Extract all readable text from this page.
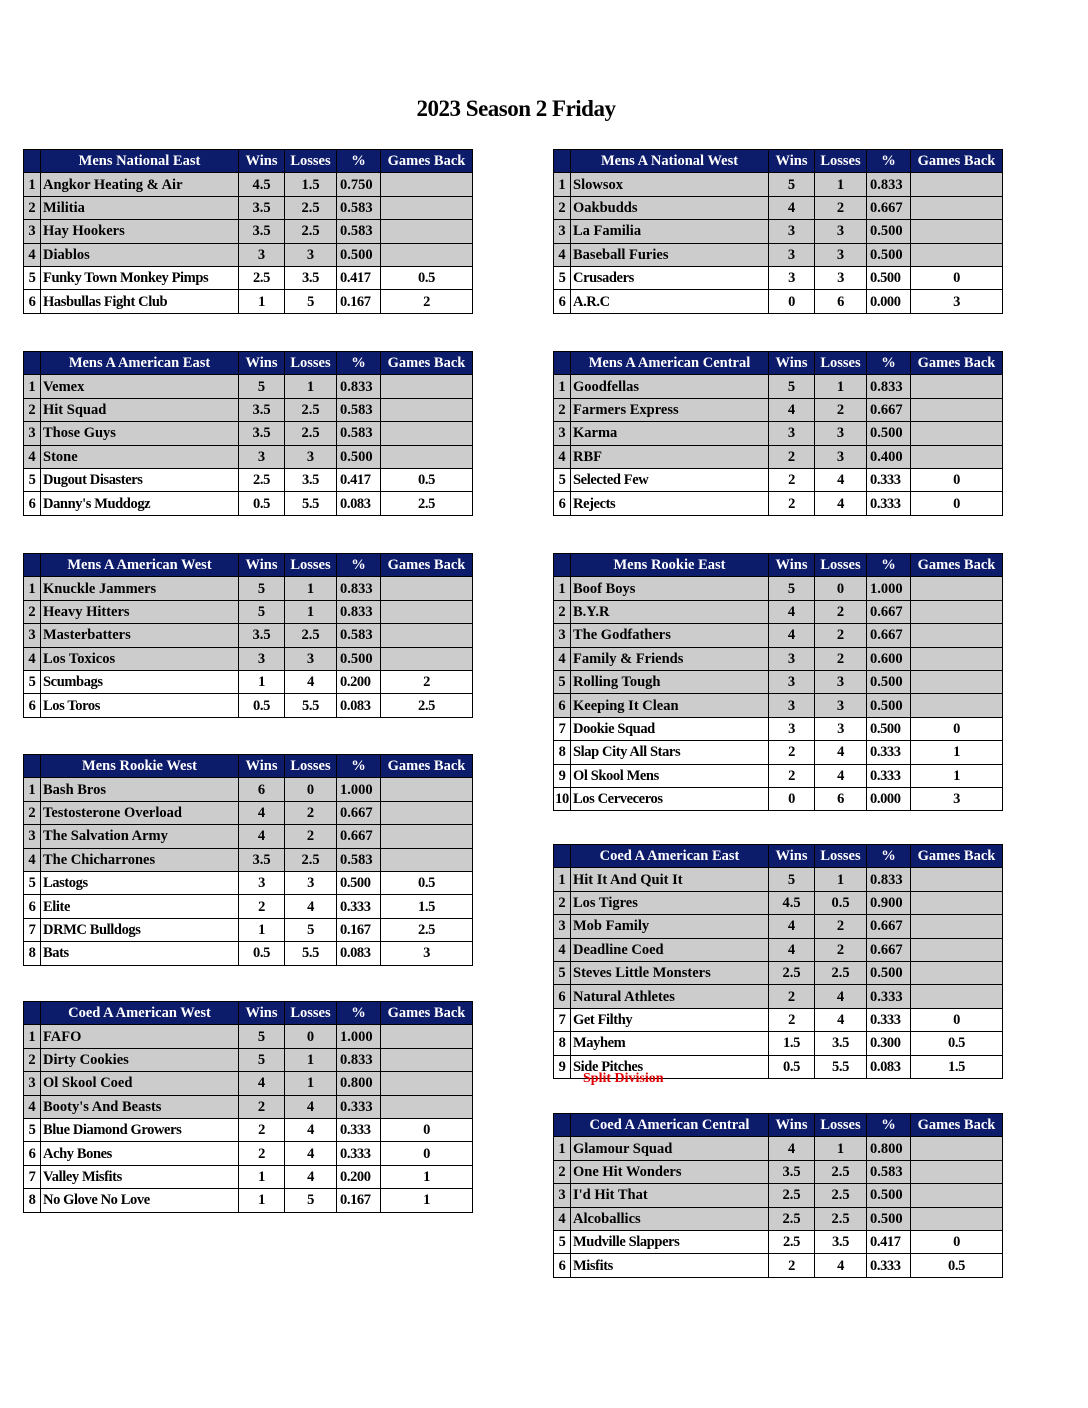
2023 Season 2 Friday
	Mens National East	Wins	Losses	%	Games Back
1	Angkor Heating & Air	4.5	1.5	0.750	
2	Militia	3.5	2.5	0.583	
3	Hay Hookers	3.5	2.5	0.583	
4	Diablos	3	3	0.500	
5	Funky Town Monkey Pimps	2.5	3.5	0.417	0.5
6	Hasbullas Fight Club	1	5	0.167	2
	Mens A National West	Wins	Losses	%	Games Back
1	Slowsox	5	1	0.833	
2	Oakbudds	4	2	0.667	
3	La Familia	3	3	0.500	
4	Baseball Furies	3	3	0.500	
5	Crusaders	3	3	0.500	0
6	A.R.C	0	6	0.000	3
	Mens A American East	Wins	Losses	%	Games Back
1	Vemex	5	1	0.833	
2	Hit Squad	3.5	2.5	0.583	
3	Those Guys	3.5	2.5	0.583	
4	Stone	3	3	0.500	
5	Dugout Disasters	2.5	3.5	0.417	0.5
6	Danny's Muddogz	0.5	5.5	0.083	2.5
	Mens A American Central	Wins	Losses	%	Games Back
1	Goodfellas	5	1	0.833	
2	Farmers Express	4	2	0.667	
3	Karma	3	3	0.500	
4	RBF	2	3	0.400	
5	Selected Few	2	4	0.333	0
6	Rejects	2	4	0.333	0
	Mens A American West	Wins	Losses	%	Games Back
1	Knuckle Jammers	5	1	0.833	
2	Heavy Hitters	5	1	0.833	
3	Masterbatters	3.5	2.5	0.583	
4	Los Toxicos	3	3	0.500	
5	Scumbags	1	4	0.200	2
6	Los Toros	0.5	5.5	0.083	2.5
	Mens Rookie East	Wins	Losses	%	Games Back
1	Boof Boys	5	0	1.000	
2	B.Y.R	4	2	0.667	
3	The Godfathers	4	2	0.667	
4	Family & Friends	3	2	0.600	
5	Rolling Tough	3	3	0.500	
6	Keeping It Clean	3	3	0.500	
7	Dookie Squad	3	3	0.500	0
8	Slap City All Stars	2	4	0.333	1
9	Ol Skool Mens	2	4	0.333	1
10	Los Cerveceros	0	6	0.000	3
	Mens Rookie West	Wins	Losses	%	Games Back
1	Bash Bros	6	0	1.000	
2	Testosterone Overload	4	2	0.667	
3	The Salvation Army	4	2	0.667	
4	The Chicharrones	3.5	2.5	0.583	
5	Lastogs	3	3	0.500	0.5
6	Elite	2	4	0.333	1.5
7	DRMC Bulldogs	1	5	0.167	2.5
8	Bats	0.5	5.5	0.083	3
	Coed A American East	Wins	Losses	%	Games Back
1	Hit It And Quit It	5	1	0.833	
2	Los Tigres	4.5	0.5	0.900	
3	Mob Family	4	2	0.667	
4	Deadline Coed	4	2	0.667	
5	Steves Little Monsters	2.5	2.5	0.500	
6	Natural Athletes	2	4	0.333	
7	Get Filthy	2	4	0.333	0
8	Mayhem	1.5	3.5	0.300	0.5
9	Side Pitches	0.5	5.5	0.083	1.5
	Coed A American West	Wins	Losses	%	Games Back
1	FAFO	5	0	1.000	
2	Dirty Cookies	5	1	0.833	
3	Ol Skool Coed	4	1	0.800	
4	Booty's And Beasts	2	4	0.333	
5	Blue Diamond Growers	2	4	0.333	0
6	Achy Bones	2	4	0.333	0
7	Valley Misfits	1	4	0.200	1
8	No Glove No Love	1	5	0.167	1
	Coed A American Central	Wins	Losses	%	Games Back
1	Glamour Squad	4	1	0.800	
2	One Hit Wonders	3.5	2.5	0.583	
3	I'd Hit That	2.5	2.5	0.500	
4	Alcoballics	2.5	2.5	0.500	
5	Mudville Slappers	2.5	3.5	0.417	0
6	Misfits	2	4	0.333	0.5
Split Division
